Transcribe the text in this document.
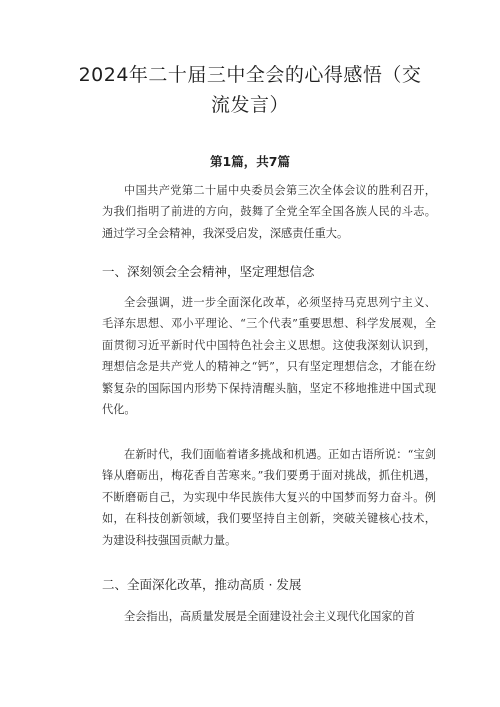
2024年二十届三中全会的心得感悟（交流发言）
第1篇，共7篇

中国共产党第二十届中央委员会第三次全体会议的胜利召开，为我们指明了前进的方向，鼓舞了全党全军全国各族人民的斗志。通过学习全会精神，我深受启发，深感责任重大。

一、深刻领会全会精神，坚定理想信念

全会强调，进一步全面深化改革，必须坚持马克思列宁主义、毛泽东思想、邓小平理论、“三个代表”重要思想、科学发展观，全面贯彻习近平新时代中国特色社会主义思想。这使我深刻认识到，理想信念是共产党人的精神之“钙”，只有坚定理想信念，才能在纷繁复杂的国际国内形势下保持清醒头脑，坚定不移地推进中国式现代化。

在新时代，我们面临着诸多挑战和机遇。正如古语所说：“宝剑锋从磨砺出，梅花香自苦寒来。”我们要勇于面对挑战，抓住机遇，不断磨砺自己，为实现中华民族伟大复兴的中国梦而努力奋斗。例如，在科技创新领域，我们要坚持自主创新，突破关键核心技术，为建设科技强国贡献力量。

二、全面深化改革，推动高质 · 发展

全会指出，高质量发展是全面建设社会主义现代化国家的首
